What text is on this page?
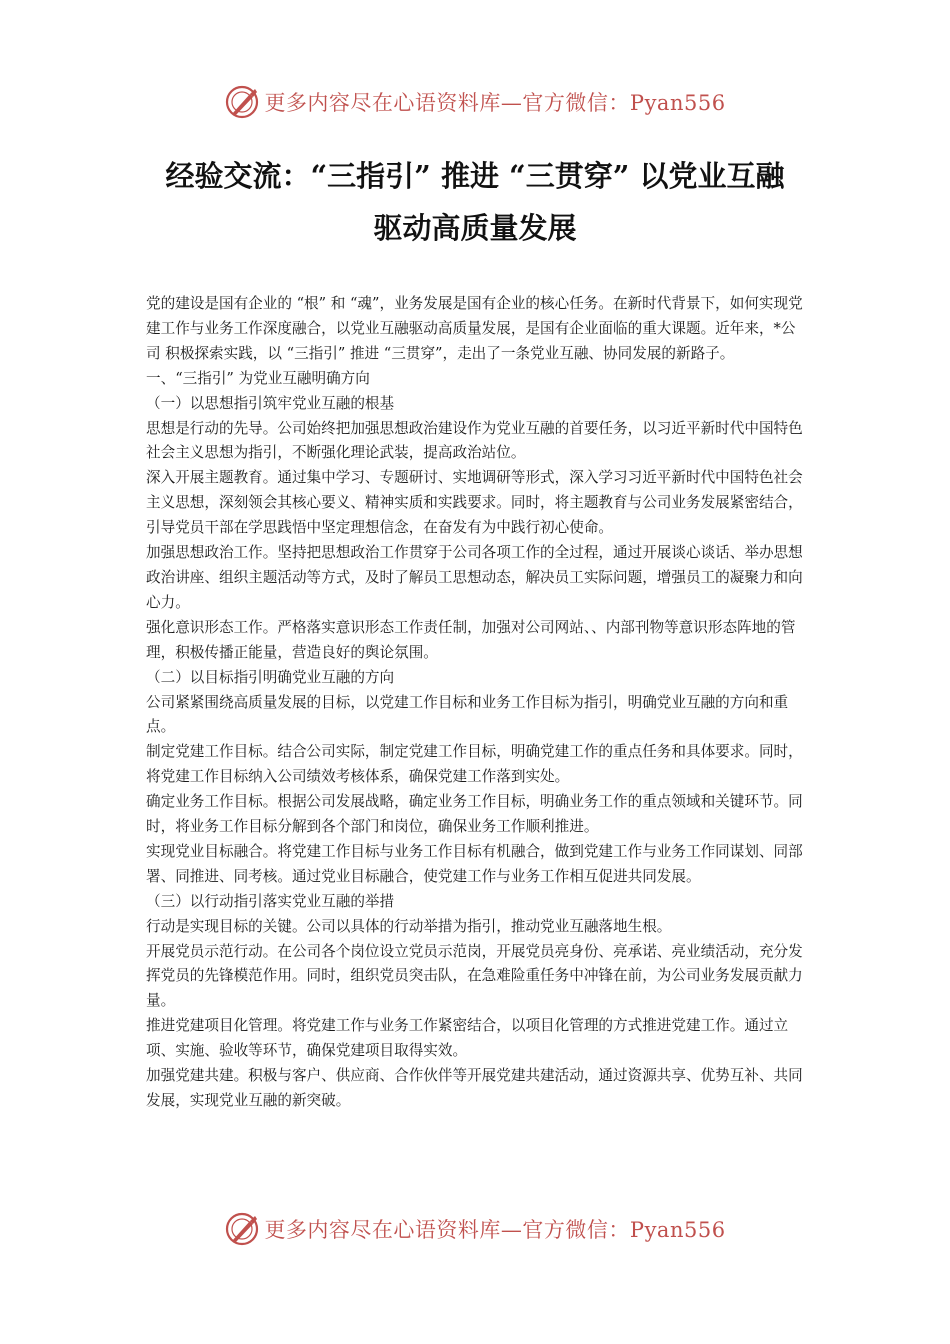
更多内容尽在心语资料库—官方微信：Pyan556
经验交流：“三指引” 推进 “三贯穿” 以党业互融
驱动高质量发展

党的建设是国有企业的 “根” 和 “魂”，业务发展是国有企业的核心任务。在新时代背景下，如何实现党建工作与业务工作深度融合，以党业互融驱动高质量发展，是国有企业面临的重大课题。近年来，*公司 积极探索实践，以 “三指引” 推进 “三贯穿”，走出了一条党业互融、协同发展的新路子。

一、“三指引” 为党业互融明确方向

（一）以思想指引筑牢党业互融的根基

思想是行动的先导。公司始终把加强思想政治建设作为党业互融的首要任务，以习近平新时代中国特色社会主义思想为指引，不断强化理论武装，提高政治站位。

深入开展主题教育。通过集中学习、专题研讨、实地调研等形式，深入学习习近平新时代中国特色社会主义思想，深刻领会其核心要义、精神实质和实践要求。同时，将主题教育与公司业务发展紧密结合，引导党员干部在学思践悟中坚定理想信念，在奋发有为中践行初心使命。

加强思想政治工作。坚持把思想政治工作贯穿于公司各项工作的全过程，通过开展谈心谈话、举办思想政治讲座、组织主题活动等方式，及时了解员工思想动态，解决员工实际问题，增强员工的凝聚力和向心力。

强化意识形态工作。严格落实意识形态工作责任制，加强对公司网站、、内部刊物等意识形态阵地的管理，积极传播正能量，营造良好的舆论氛围。

（二）以目标指引明确党业互融的方向

公司紧紧围绕高质量发展的目标，以党建工作目标和业务工作目标为指引，明确党业互融的方向和重点。

制定党建工作目标。结合公司实际，制定党建工作目标，明确党建工作的重点任务和具体要求。同时，将党建工作目标纳入公司绩效考核体系，确保党建工作落到实处。

确定业务工作目标。根据公司发展战略，确定业务工作目标，明确业务工作的重点领域和关键环节。同时，将业务工作目标分解到各个部门和岗位，确保业务工作顺利推进。

实现党业目标融合。将党建工作目标与业务工作目标有机融合，做到党建工作与业务工作同谋划、同部署、同推进、同考核。通过党业目标融合，使党建工作与业务工作相互促进共同发展。

（三）以行动指引落实党业互融的举措

行动是实现目标的关键。公司以具体的行动举措为指引，推动党业互融落地生根。

开展党员示范行动。在公司各个岗位设立党员示范岗，开展党员亮身份、亮承诺、亮业绩活动，充分发挥党员的先锋模范作用。同时，组织党员突击队，在急难险重任务中冲锋在前，为公司业务发展贡献力量。

推进党建项目化管理。将党建工作与业务工作紧密结合，以项目化管理的方式推进党建工作。通过立项、实施、验收等环节，确保党建项目取得实效。

加强党建共建。积极与客户、供应商、合作伙伴等开展党建共建活动，通过资源共享、优势互补、共同发展，实现党业互融的新突破。

更多内容尽在心语资料库—官方微信：Pyan556
